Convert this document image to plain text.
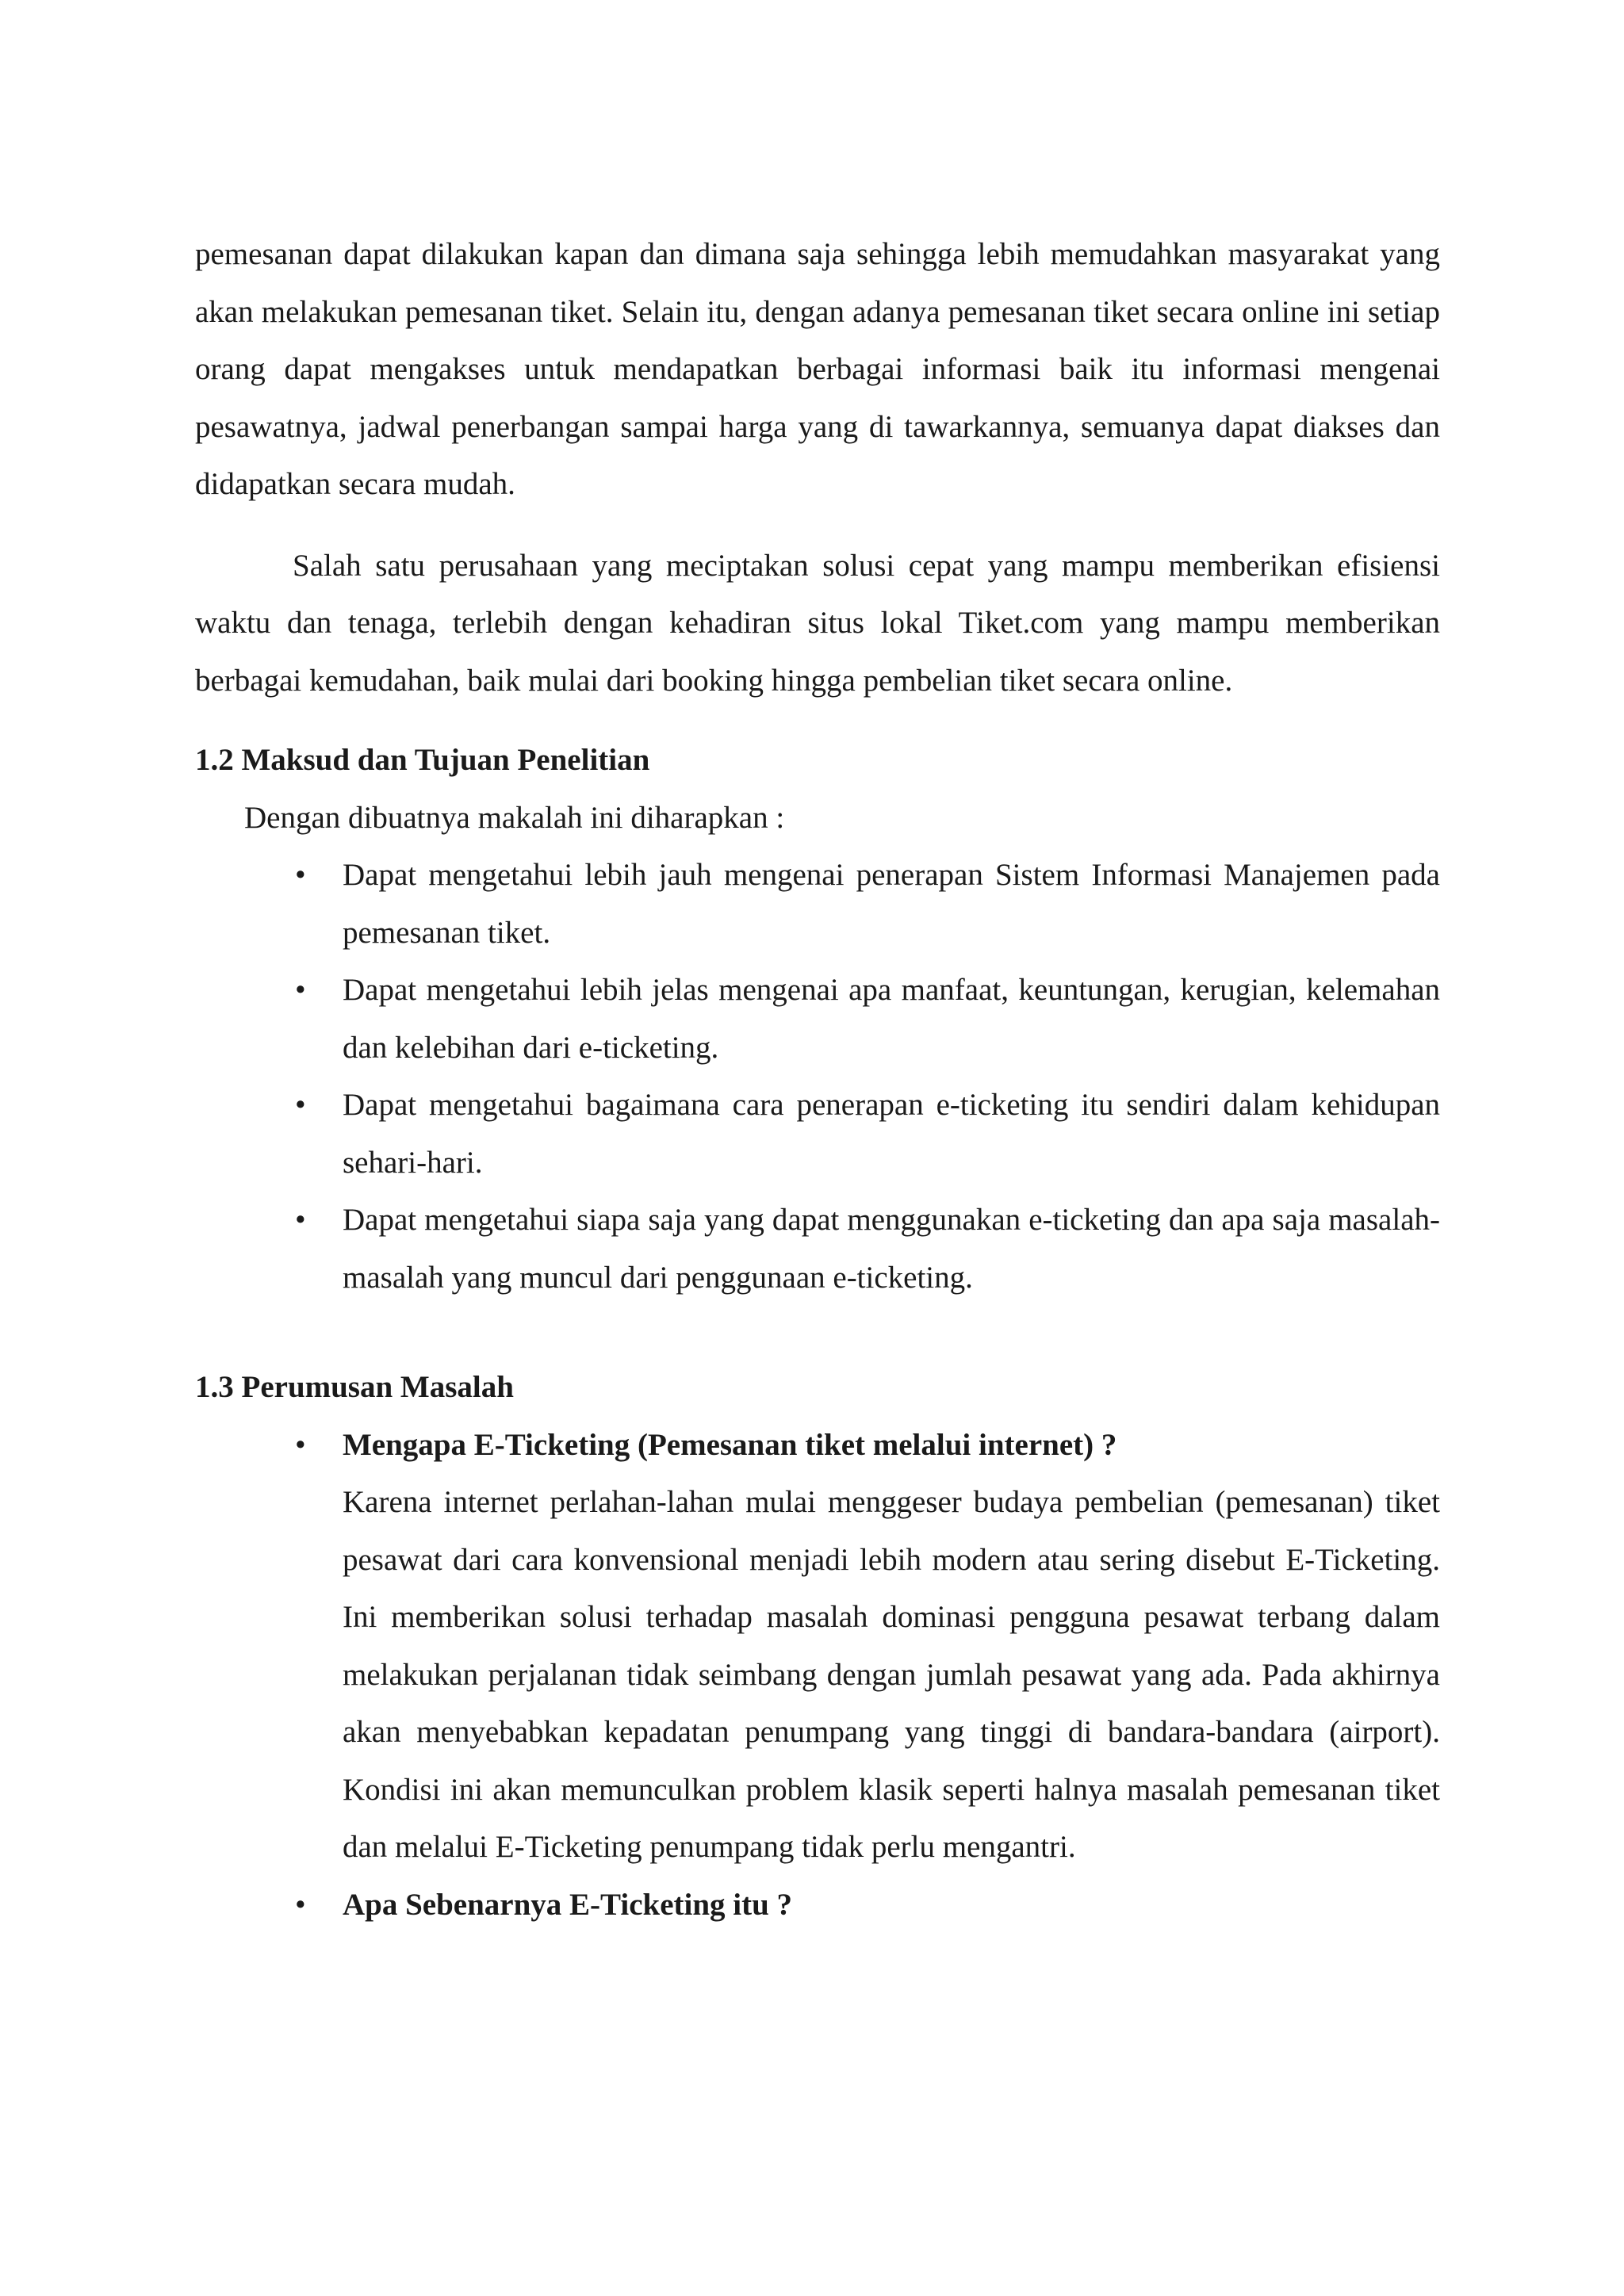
pemesanan dapat dilakukan kapan dan dimana saja sehingga lebih memudahkan masyarakat yang akan melakukan pemesanan tiket. Selain itu, dengan adanya pemesanan tiket secara online ini setiap orang dapat mengakses untuk mendapatkan berbagai informasi baik itu informasi mengenai pesawatnya, jadwal penerbangan sampai harga yang di tawarkannya, semuanya dapat diakses dan didapatkan secara mudah.

Salah satu perusahaan yang meciptakan solusi cepat yang mampu memberikan efisiensi waktu dan tenaga, terlebih dengan kehadiran situs lokal Tiket.com yang mampu memberikan berbagai kemudahan, baik mulai dari booking hingga pembelian tiket secara online.

1.2 Maksud dan Tujuan Penelitian

Dengan dibuatnya makalah ini diharapkan :

• Dapat mengetahui lebih jauh mengenai penerapan Sistem Informasi Manajemen pada pemesanan tiket.
• Dapat mengetahui lebih jelas mengenai apa manfaat, keuntungan, kerugian, kelemahan dan kelebihan dari e-ticketing.
• Dapat mengetahui bagaimana cara penerapan e-ticketing itu sendiri dalam kehidupan sehari-hari.
• Dapat mengetahui siapa saja yang dapat menggunakan e-ticketing dan apa saja masalah-masalah yang muncul dari penggunaan e-ticketing.
1.3 Perumusan Masalah
• Mengapa E-Ticketing (Pemesanan tiket melalui internet) ?
Karena internet perlahan-lahan mulai menggeser budaya pembelian (pemesanan) tiket pesawat dari cara konvensional menjadi lebih modern atau sering disebut E-Ticketing. Ini memberikan solusi terhadap masalah dominasi pengguna pesawat terbang dalam melakukan perjalanan tidak seimbang dengan jumlah pesawat yang ada. Pada akhirnya akan menyebabkan kepadatan penumpang yang tinggi di bandara-bandara (airport). Kondisi ini akan memunculkan problem klasik seperti halnya masalah pemesanan tiket dan melalui E-Ticketing penumpang tidak perlu mengantri.
• Apa Sebenarnya E-Ticketing itu ?
